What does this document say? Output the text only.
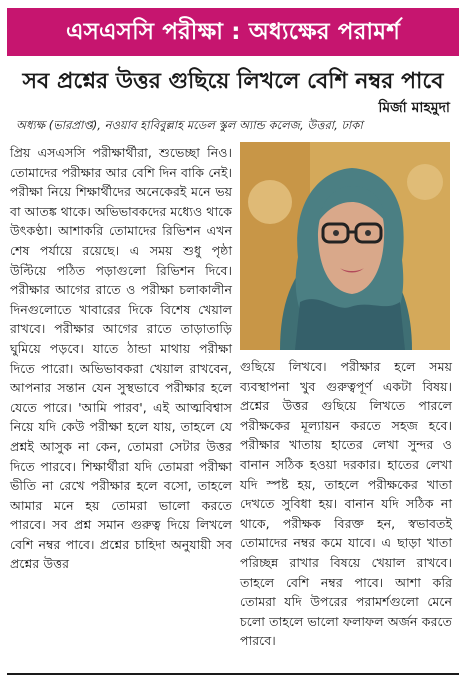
এসএসসি পরীক্ষা : অধ্যক্ষের পরামর্শ
সব প্রশ্নের উত্তর গুছিয়ে লিখলে বেশি নম্বর পাবে
মির্জা মাহমুদা
অধ্যক্ষ (ভারপ্রাপ্ত), নওয়াব হাবিবুল্লাহ মডেল স্কুল অ্যান্ড কলেজ, উত্তরা, ঢাকা

প্রিয় এসএসসি পরীক্ষার্থীরা, শুভেচ্ছা নিও। তোমাদের পরীক্ষার আর বেশি দিন বাকি নেই। পরীক্ষা নিয়ে শিক্ষার্থীদের অনেকেরই মনে ভয় বা আতঙ্ক থাকে। অভিভাবকদের মধ্যেও থাকে উৎকণ্ঠা। আশাকরি তোমাদের রিভিশন এখন শেষ পর্যায়ে রয়েছে। এ সময় শুধু পৃষ্ঠা উল্টিয়ে পঠিত পড়াগুলো রিভিশন দিবে। পরীক্ষার আগের রাতে ও পরীক্ষা চলাকালীন দিনগুলোতে খাবারের দিকে বিশেষ খেয়াল রাখবে। পরীক্ষার আগের রাতে তাড়াতাড়ি ঘুমিয়ে পড়বে। যাতে ঠান্ডা মাথায় পরীক্ষা দিতে পারো। অভিভাবকরা খেয়াল রাখবেন, আপনার সন্তান যেন সুস্থভাবে পরীক্ষার হলে যেতে পারে। 'আমি পারব', এই আত্মবিশ্বাস নিয়ে যদি কেউ পরীক্ষা হলে যায়, তাহলে যে প্রশ্নই আসুক না কেন, তোমরা সেটার উত্তর দিতে পারবে। শিক্ষার্থীরা যদি তোমরা পরীক্ষা ভীতি না রেখে পরীক্ষার হলে বসো, তাহলে আমার মনে হয় তোমরা ভালো করতে পারবে। সব প্রশ্ন সমান গুরুত্ব দিয়ে লিখলে বেশি নম্বর পাবে। প্রশ্নের চাহিদা অনুযায়ী সব প্রশ্নের উত্তর

গুছিয়ে লিখবে। পরীক্ষার হলে সময় ব্যবস্থাপনা খুব গুরুত্বপূর্ণ একটা বিষয়। প্রশ্নের উত্তর গুছিয়ে লিখতে পারলে পরীক্ষকের মূল্যায়ন করতে সহজ হবে। পরীক্ষার খাতায় হাতের লেখা সুন্দর ও বানান সঠিক হওয়া দরকার। হাতের লেখা যদি স্পষ্ট হয়, তাহলে পরীক্ষকের খাতা দেখতে সুবিধা হয়। বানান যদি সঠিক না থাকে, পরীক্ষক বিরক্ত হন, স্বভাবতই তোমাদের নম্বর কমে যাবে। এ ছাড়া খাতা পরিচ্ছন্ন রাখার বিষয়ে খেয়াল রাখবে। তাহলে বেশি নম্বর পাবে। আশা করি তোমরা যদি উপরের পরামর্শগুলো মেনে চলো তাহলে ভালো ফলাফল অর্জন করতে পারবে।
